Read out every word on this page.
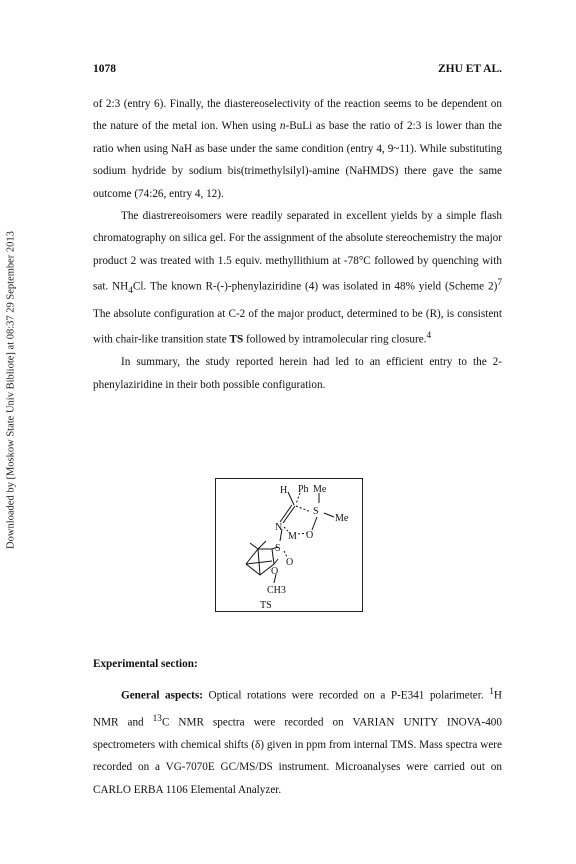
Downloaded by [Moskow State Univ Bibliote] at 08:37 29 September 2013
1078	ZHU ET AL.

of 2:3 (entry 6). Finally, the diastereoselectivity of the reaction seems to be dependent on the nature of the metal ion. When using n-BuLi as base the ratio of 2:3 is lower than the ratio when using NaH as base under the same condition (entry 4, 9~11). While substituting sodium hydride by sodium bis(trimethylsilyl)-amine (NaHMDS) there gave the same outcome (74:26, entry 4, 12).

The diastrereoisomers were readily separated in excellent yields by a simple flash chromatography on silica gel. For the assignment of the absolute stereochemistry the major product 2 was treated with 1.5 equiv. methyllithium at -78°C followed by quenching with sat. $NH_4Cl$. The known R-(-)-phenylaziridine (4) was isolated in 48% yield (Scheme 2)$^7$ The absolute configuration at C-2 of the major product, determined to be (R), is consistent with chair-like transition state TS followed by intramolecular ring closure.$^4$

In summary, the study reported herein had led to an efficient entry to the 2-phenylaziridine in their both possible configuration.

H Ph Me
S
Me
N
M O
S
O
O
CH3
TS

Experimental section:

General aspects: Optical rotations were recorded on a P-E341 polarimeter. $^1$H NMR and $^{13}$C NMR spectra were recorded on VARIAN UNITY INOVA-400 spectrometers with chemical shifts (δ) given in ppm from internal TMS. Mass spectra were recorded on a VG-7070E GC/MS/DS instrument. Microanalyses were carried out on CARLO ERBA 1106 Elemental Analyzer.
